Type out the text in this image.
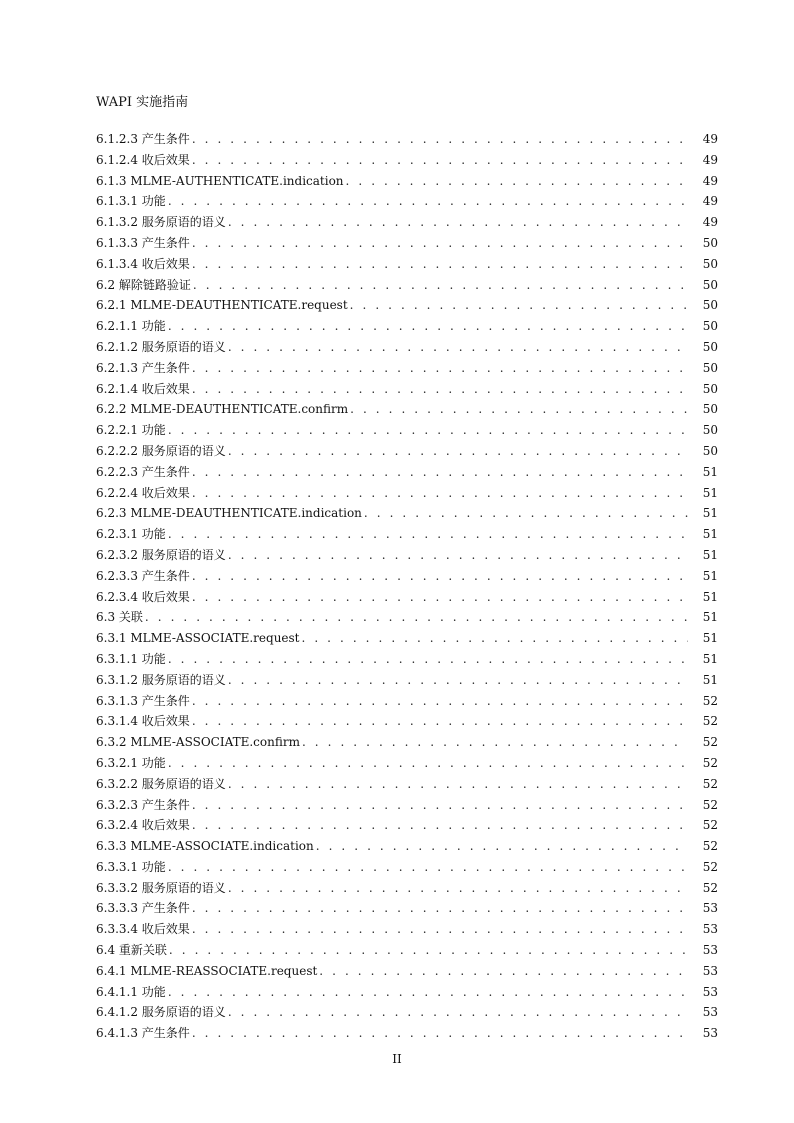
WAPI 实施指南
6.1.2.3 产生条件 . . .	49
6.1.2.4 收后效果 . . .	49
6.1.3 MLME-AUTHENTICATE.indication . . .	49
6.1.3.1 功能 . . .	49
6.1.3.2 服务原语的语义 . . .	49
6.1.3.3 产生条件 . . .	50
6.1.3.4 收后效果 . . .	50
6.2 解除链路验证 . . .	50
6.2.1 MLME-DEAUTHENTICATE.request . . .	50
6.2.1.1 功能 . . .	50
6.2.1.2 服务原语的语义 . . .	50
6.2.1.3 产生条件 . . .	50
6.2.1.4 收后效果 . . .	50
6.2.2 MLME-DEAUTHENTICATE.confirm . . .	50
6.2.2.1 功能 . . .	50
6.2.2.2 服务原语的语义 . . .	50
6.2.2.3 产生条件 . . .	51
6.2.2.4 收后效果 . . .	51
6.2.3 MLME-DEAUTHENTICATE.indication . . .	51
6.2.3.1 功能 . . .	51
6.2.3.2 服务原语的语义 . . .	51
6.2.3.3 产生条件 . . .	51
6.2.3.4 收后效果 . . .	51
6.3 关联 . . .	51
6.3.1 MLME-ASSOCIATE.request . . .	51
6.3.1.1 功能 . . .	51
6.3.1.2 服务原语的语义 . . .	51
6.3.1.3 产生条件 . . .	52
6.3.1.4 收后效果 . . .	52
6.3.2 MLME-ASSOCIATE.confirm . . .	52
6.3.2.1 功能 . . .	52
6.3.2.2 服务原语的语义 . . .	52
6.3.2.3 产生条件 . . .	52
6.3.2.4 收后效果 . . .	52
6.3.3 MLME-ASSOCIATE.indication . . .	52
6.3.3.1 功能 . . .	52
6.3.3.2 服务原语的语义 . . .	52
6.3.3.3 产生条件 . . .	53
6.3.3.4 收后效果 . . .	53
6.4 重新关联 . . .	53
6.4.1 MLME-REASSOCIATE.request . . .	53
6.4.1.1 功能 . . .	53
6.4.1.2 服务原语的语义 . . .	53
6.4.1.3 产生条件 . . .	53
II
